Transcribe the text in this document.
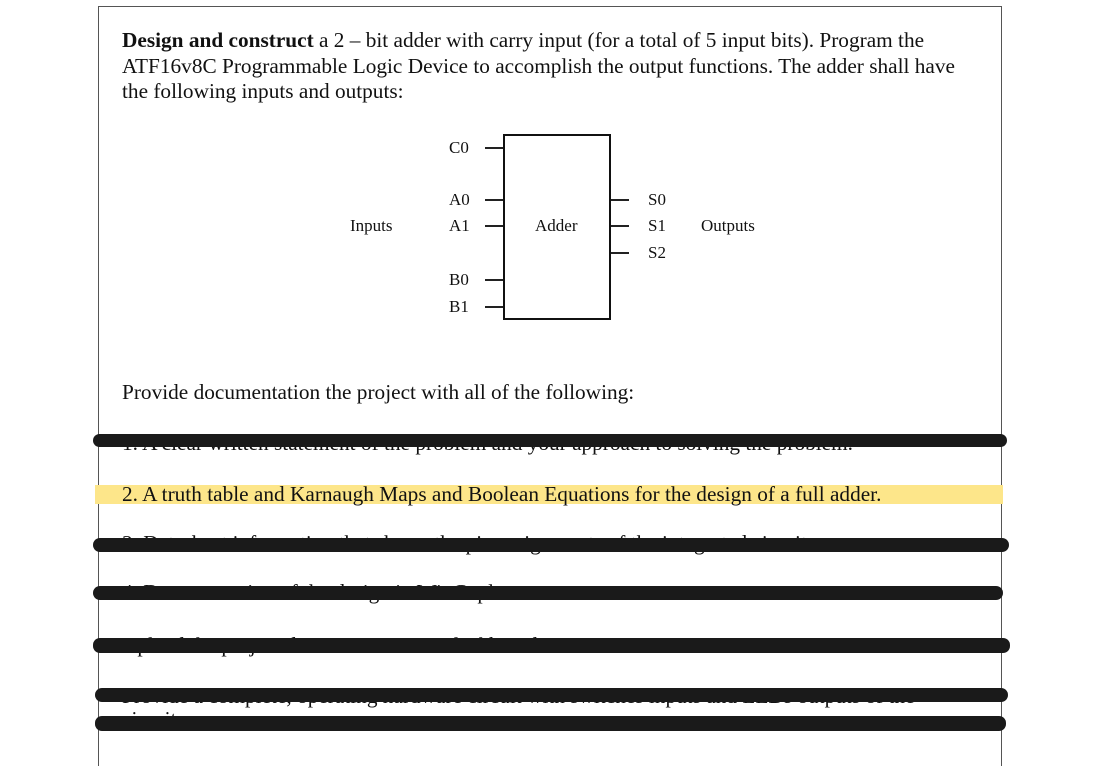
Design and construct a 2 – bit adder with carry input (for a total of 5 input bits). Program the ATF16v8C Programmable Logic Device to accomplish the output functions. The adder shall have the following inputs and outputs:
Inputs
C0
A0
A1
B0
B1
Adder
S0
S1
S2
Outputs
Provide documentation the project with all of the following:
2. A truth table and Karnaugh Maps and Boolean Equations for the design of a full adder.
